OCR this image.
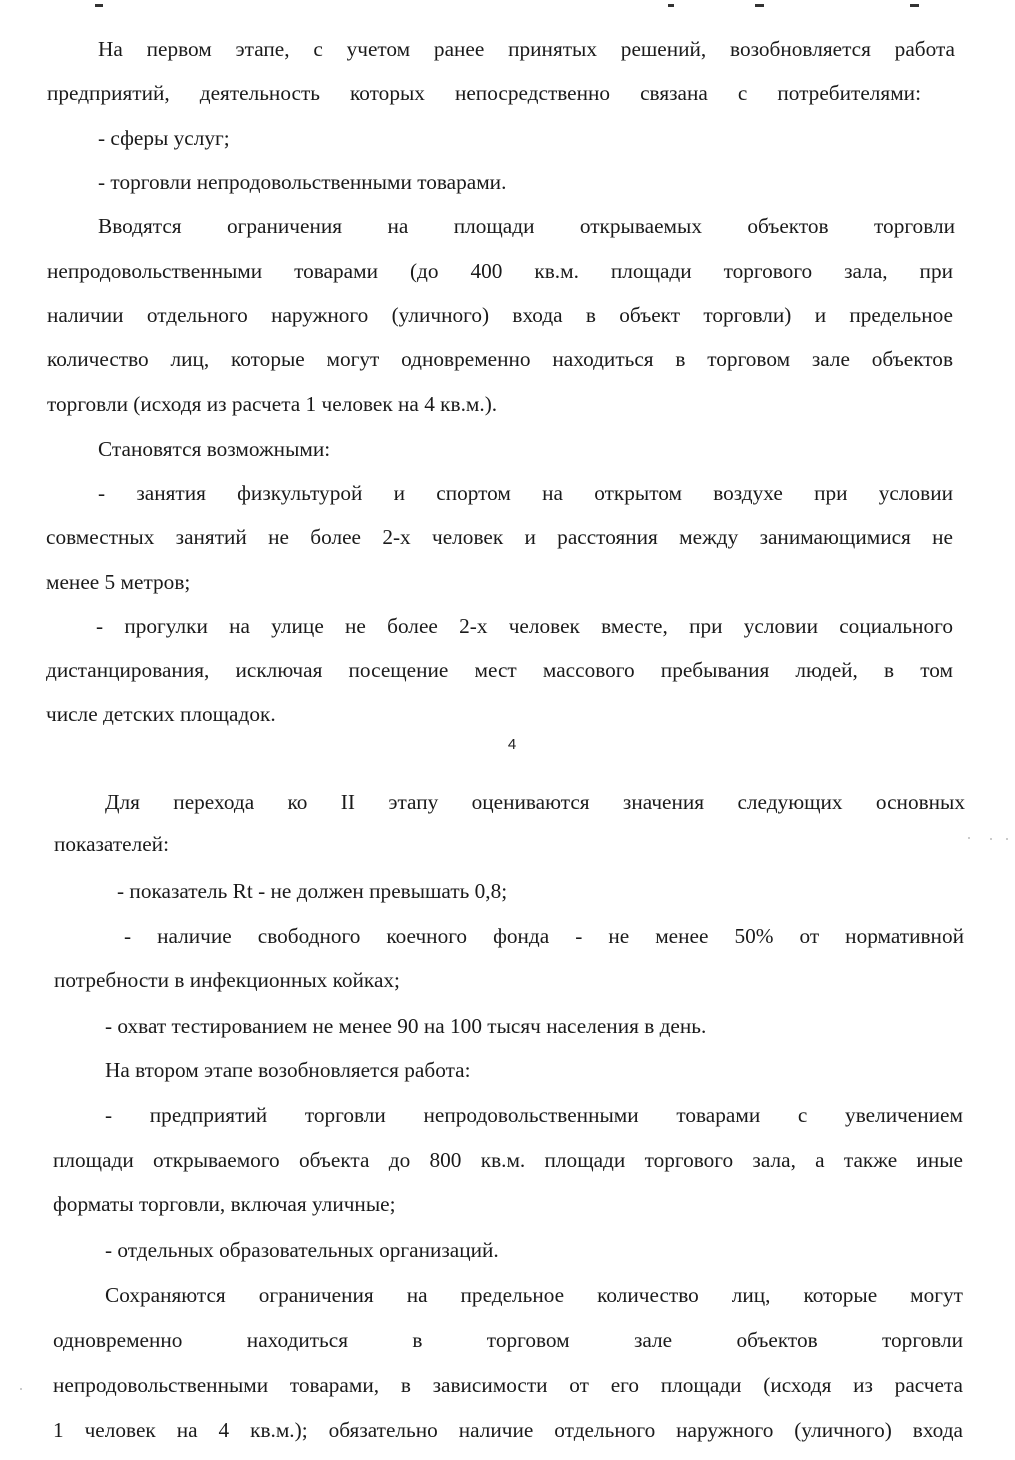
На первом этапе, с учетом ранее принятых решений, возобновляется работа
предприятий, деятельность которых непосредственно связана с потребителями:
- сферы услуг;
- торговли непродовольственными товарами.
Вводятся ограничения на площади открываемых объектов торговли
непродовольственными товарами (до 400 кв.м. площади торгового зала, при
наличии отдельного наружного (уличного) входа в объект торговли) и предельное
количество лиц, которые могут одновременно находиться в торговом зале объектов
торговли (исходя из расчета 1 человек на 4 кв.м.).
Становятся возможными:
- занятия физкультурой и спортом на открытом воздухе при условии
совместных занятий не более 2-х человек и расстояния между занимающимися не
менее 5 метров;
- прогулки на улице не более 2-х человек вместе, при условии социального
дистанцирования, исключая посещение мест массового пребывания людей, в том
числе детских площадок.
4
Для перехода ко II этапу оцениваются значения следующих основных
показателей:
- показатель Rt - не должен превышать 0,8;
- наличие свободного коечного фонда - не менее 50% от нормативной
потребности в инфекционных койках;
- охват тестированием не менее 90 на 100 тысяч населения в день.
На втором этапе возобновляется работа:
- предприятий торговли непродовольственными товарами с увеличением
площади открываемого объекта до 800 кв.м. площади торгового зала, а также иные
форматы торговли, включая уличные;
- отдельных образовательных организаций.
Сохраняются ограничения на предельное количество лиц, которые могут
одновременно находиться в торговом зале объектов торговли
непродовольственными товарами, в зависимости от его площади (исходя из расчета
1 человек на 4 кв.м.); обязательно наличие отдельного наружного (уличного) входа
